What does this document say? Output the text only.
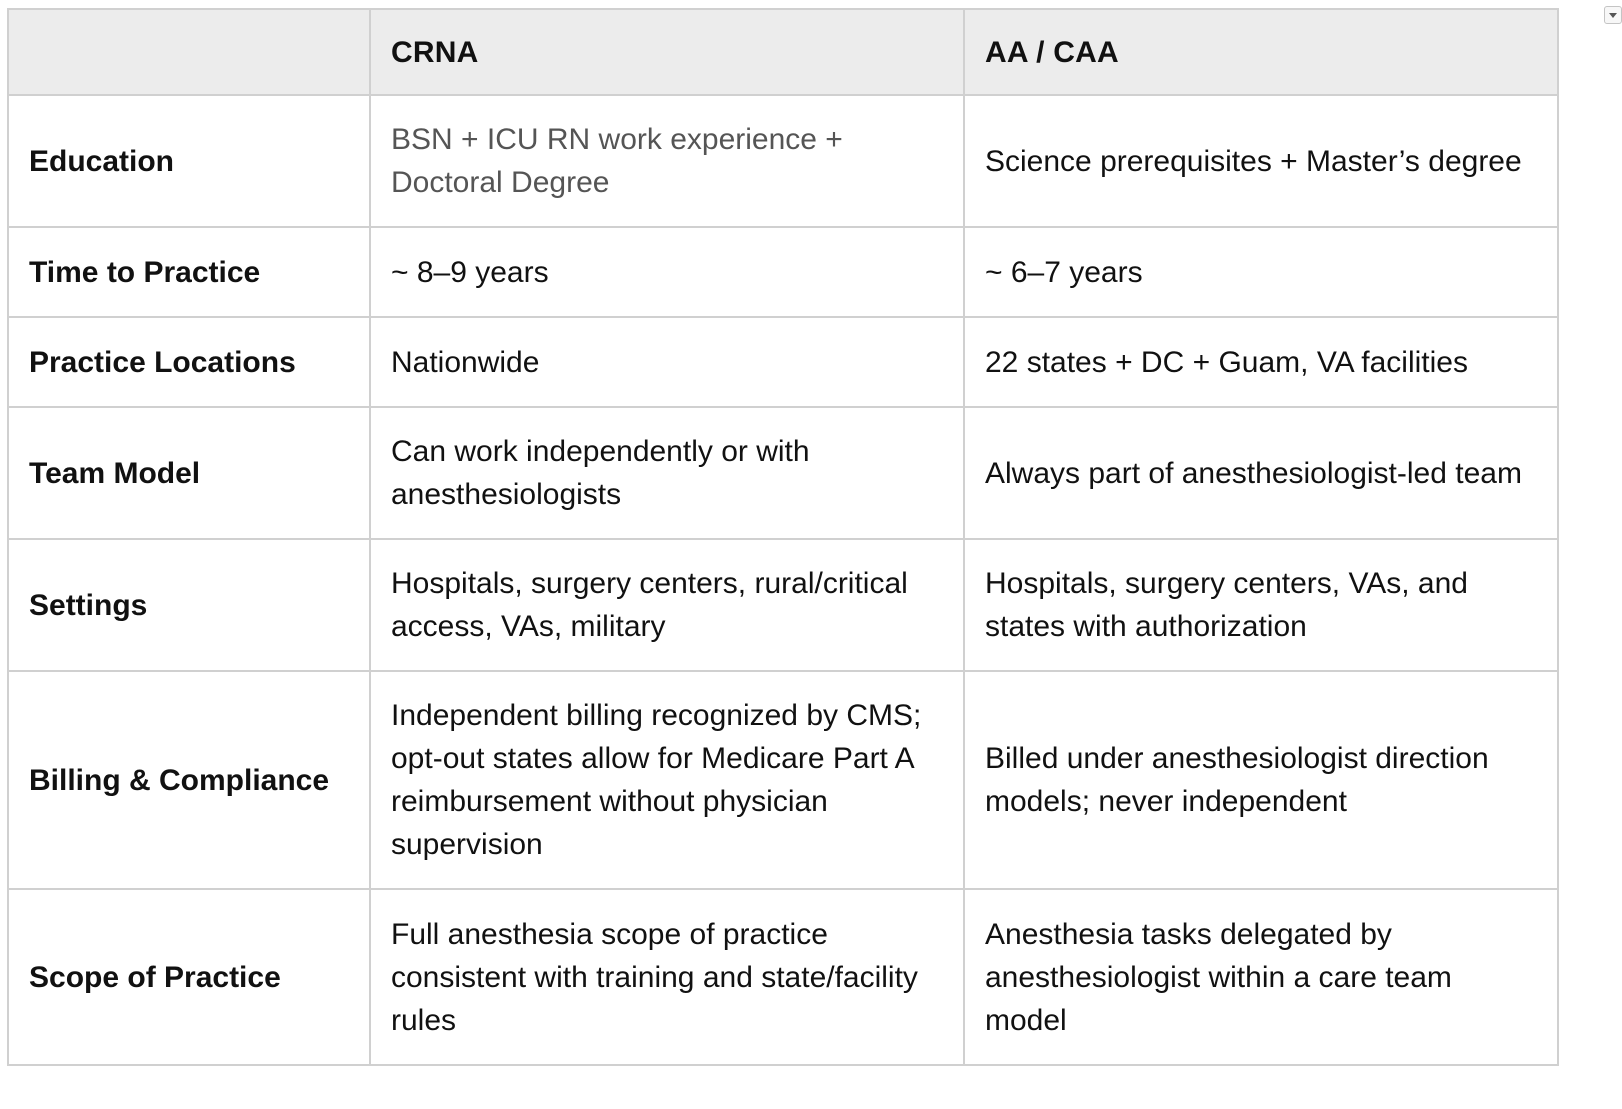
	CRNA	AA / CAA
Education	BSN + ICU RN work experience + Doctoral Degree	Science prerequisites + Master’s degree
Time to Practice	~ 8–9 years	~ 6–7 years
Practice Locations	Nationwide	22 states + DC + Guam, VA facilities
Team Model	Can work independently or with anesthesiologists	Always part of anesthesiologist-led team
Settings	Hospitals, surgery centers, rural/critical access, VAs, military	Hospitals, surgery centers, VAs, and states with authorization
Billing & Compliance	Independent billing recognized by CMS; opt-out states allow for Medicare Part A reimbursement without physician supervision	Billed under anesthesiologist direction models; never independent
Scope of Practice	Full anesthesia scope of practice consistent with training and state/facility rules	Anesthesia tasks delegated by anesthesiologist within a care team model
